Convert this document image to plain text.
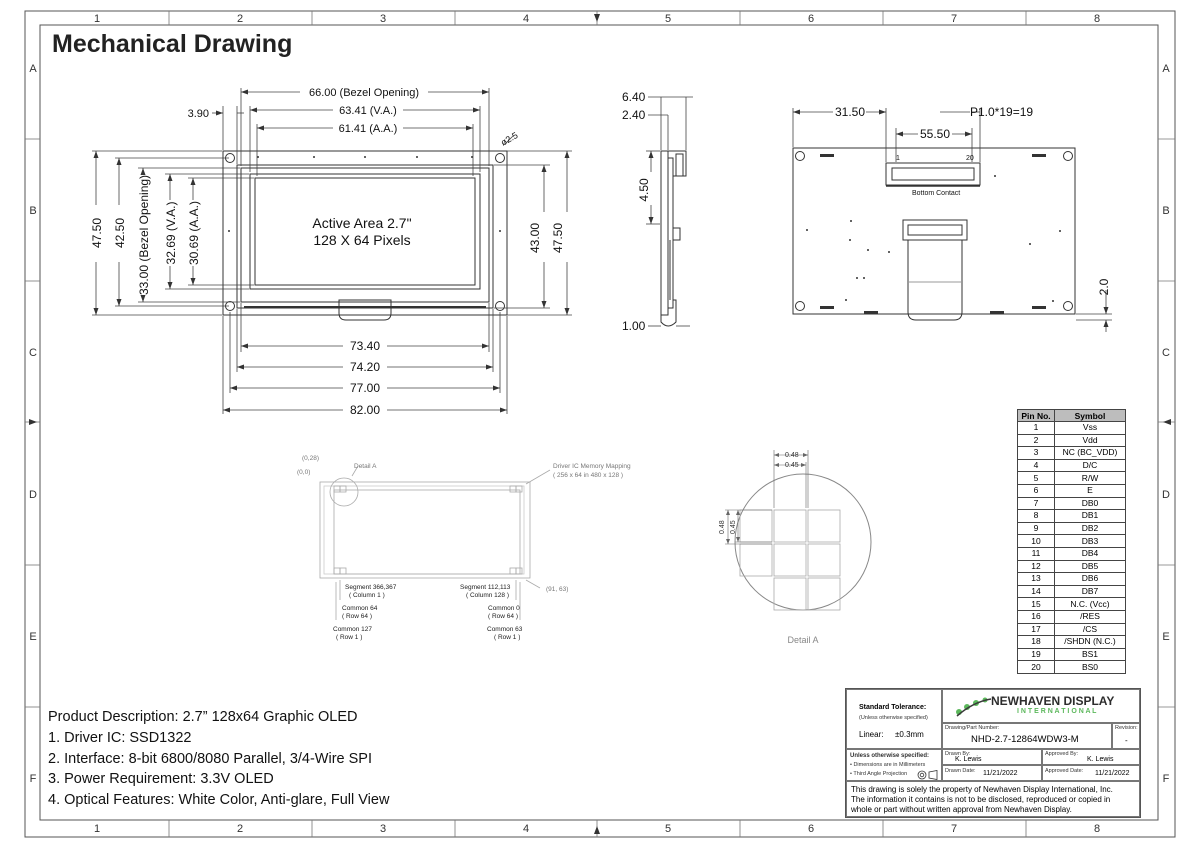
1	2	3	4	5	6	7	8
1	2	3	4	5	6	7	8
A
B
C
D
E
F
A
B
C
D
E
F
Active Area 2.7"
128 X 64 Pixels
66.00 (Bezel Opening)
63.41 (V.A.)
61.41 (A.A.)
3.90
ø2.5
47.50 42.50 33.00 (Bezel Opening) 32.69 (V.A.) 30.69 (A.A.)	43.00 47.50
73.40
74.20
77.00
82.00
6.40
2.40
4.50
1.00
31.50	P1.0*19=19
55.50
2.0
1	20
Bottom Contact
(0,28)
(0,0)
Detail A	Driver IC Memory Mapping
( 256 x 64 in 480 x 128 )
(91, 63)
Segment 366,367
( Column 1 )
Common 64
( Row 64 )
Common 127
( Row 1 )
Segment 112,113
( Column 128 )
Common 0
( Row 64 )
Common 63
( Row 1 )
0.48
0.45
0.48 0.45
Detail A
Mechanical Drawing
Pin No.	Symbol
1	Vss
2	Vdd
3	NC (BC_VDD)
4	D/C
5	R/W
6	E
7	DB0
8	DB1
9	DB2
10	DB3
11	DB4
12	DB5
13	DB6
14	DB7
15	N.C. (Vcc)
16	/RES
17	/CS
18	/SHDN (N.C.)
19	BS1
20	BS0
Product Description: 2.7” 128x64 Graphic OLED
1. Driver IC: SSD1322
2. Interface: 8-bit 6800/8080 Parallel, 3/4-Wire SPI
3. Power Requirement: 3.3V OLED
4. Optical Features: White Color, Anti-glare, Full View
Standard Tolerance:
(Unless otherwise specified)
Linear: ±0.3mm
NEWHAVEN DISPLAY
I N T E R N A T I O N A L
Drawing/Part Number:
NHD-2.7-12864WDW3-M
Revision:
-
Unless otherwise specified:
• Dimensions are in Millimeters
• Third Angle Projection
Drawn By:
K. Lewis
Approved By:
K. Lewis
Drawn Date: 11/21/2022	Approved Date: 11/21/2022
This drawing is solely the property of Newhaven Display International, Inc.
The information it contains is not to be disclosed, reproduced or copied in
whole or part without written approval from Newhaven Display.
